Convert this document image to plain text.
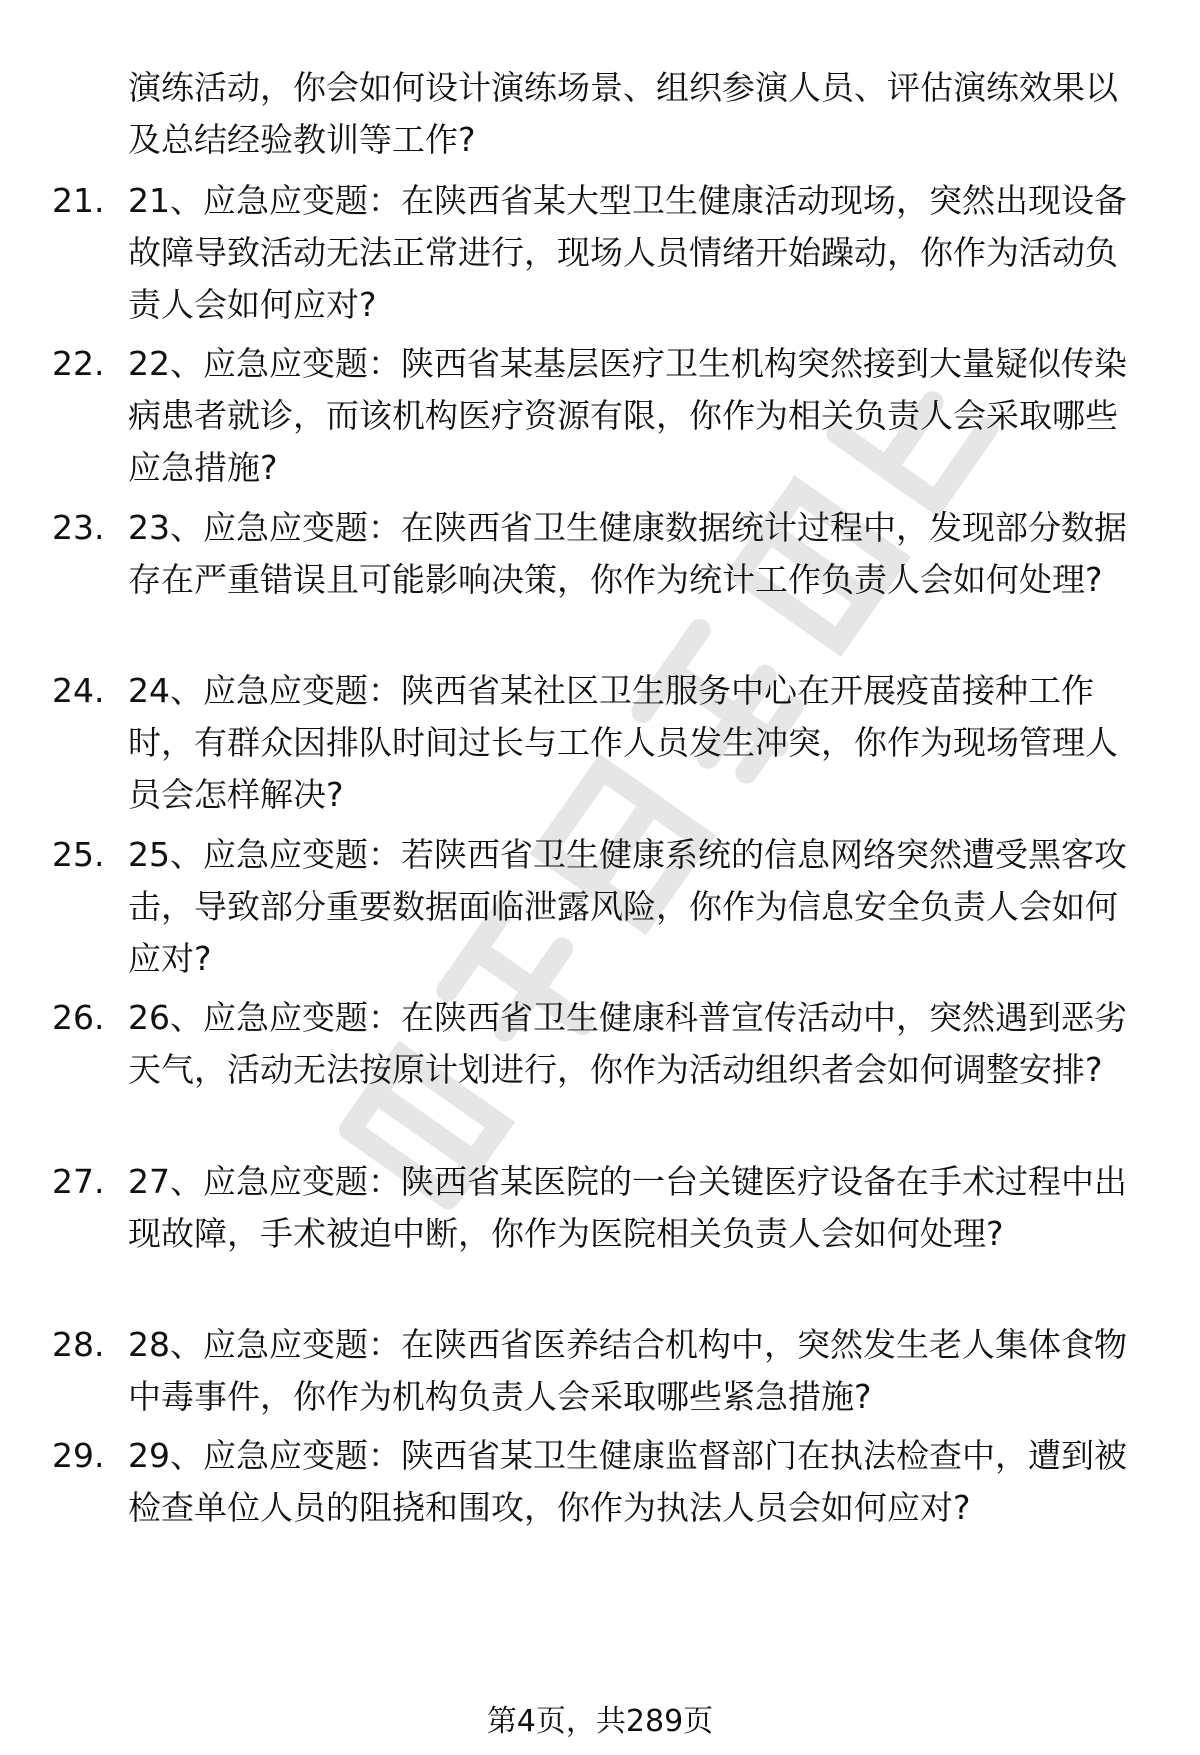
演练活动，你会如何设计演练场景、组织参演人员、评估演练效果以及总结经验教训等工作?

21. 21、应急应变题：在陕西省某大型卫生健康活动现场，突然出现设备故障导致活动无法正常进行，现场人员情绪开始躁动，你作为活动负责人会如何应对?

22. 22、应急应变题：陕西省某基层医疗卫生机构突然接到大量疑似传染病患者就诊，而该机构医疗资源有限，你作为相关负责人会采取哪些应急措施?

23. 23、应急应变题：在陕西省卫生健康数据统计过程中，发现部分数据存在严重错误且可能影响决策，你作为统计工作负责人会如何处理?

24. 24、应急应变题：陕西省某社区卫生服务中心在开展疫苗接种工作时，有群众因排队时间过长与工作人员发生冲突，你作为现场管理人员会怎样解决?

25. 25、应急应变题：若陕西省卫生健康系统的信息网络突然遭受黑客攻击，导致部分重要数据面临泄露风险，你作为信息安全负责人会如何应对?

26. 26、应急应变题：在陕西省卫生健康科普宣传活动中，突然遇到恶劣天气，活动无法按原计划进行，你作为活动组织者会如何调整安排?

27. 27、应急应变题：陕西省某医院的一台关键医疗设备在手术过程中出现故障，手术被迫中断，你作为医院相关负责人会如何处理?

28. 28、应急应变题：在陕西省医养结合机构中，突然发生老人集体食物中毒事件，你作为机构负责人会采取哪些紧急措施?

29. 29、应急应变题：陕西省某卫生健康监督部门在执法检查中，遭到被检查单位人员的阻挠和围攻，你作为执法人员会如何应对?

第4页，共289页
